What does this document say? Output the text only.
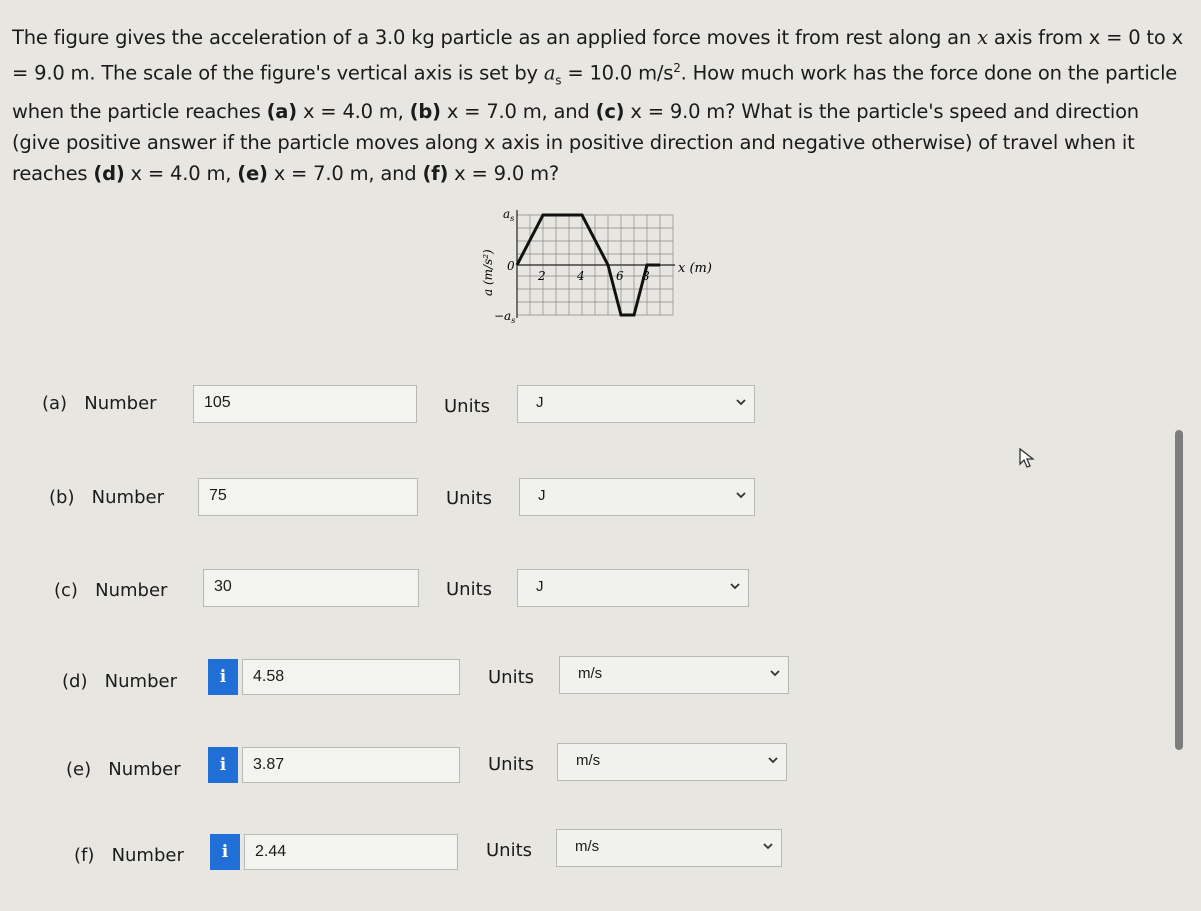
The figure gives the acceleration of a 3.0 kg particle as an applied force moves it from rest along an x axis from x = 0 to x = 9.0 m. The scale of the figure's vertical axis is set by $a_s = 10.0$ $m/s^2$. How much work has the force done on the particle when the particle reaches (a) x = 4.0 m, (b) x = 7.0 m, and (c) x = 9.0 m? What is the particle's speed and direction (give positive answer if the particle moves along x axis in positive direction and negative otherwise) of travel when it reaches (d) x = 4.0 m, (e) x = 7.0 m, and (f) x = 9.0 m?
a (m/s²)
$a_s$
0
$-a_s$
2	4	6 8 x (m)
(a) Number	105	Units	J
(b) Number	75	Units	J
(c) Number	30	Units	J
(d) Number	i	4.58	Units	m/s
(e) Number	i	3.87	Units	m/s
(f) Number	i	2.44	Units	m/s
